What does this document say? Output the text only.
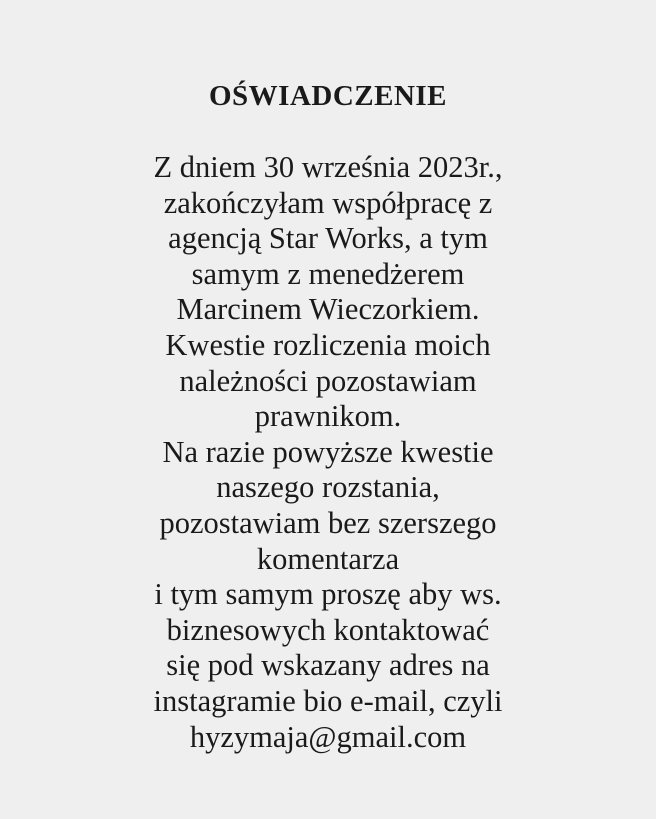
OŚWIADCZENIE
Z dniem 30 września 2023r.,
zakończyłam współpracę z
agencją Star Works, a tym
samym z menedżerem
Marcinem Wieczorkiem.
Kwestie rozliczenia moich
należności pozostawiam
prawnikom.
Na razie powyższe kwestie
naszego rozstania,
pozostawiam bez szerszego
komentarza
i tym samym proszę aby ws.
biznesowych kontaktować
się pod wskazany adres na
instagramie bio e-mail, czyli
hyzymaja@gmail.com
